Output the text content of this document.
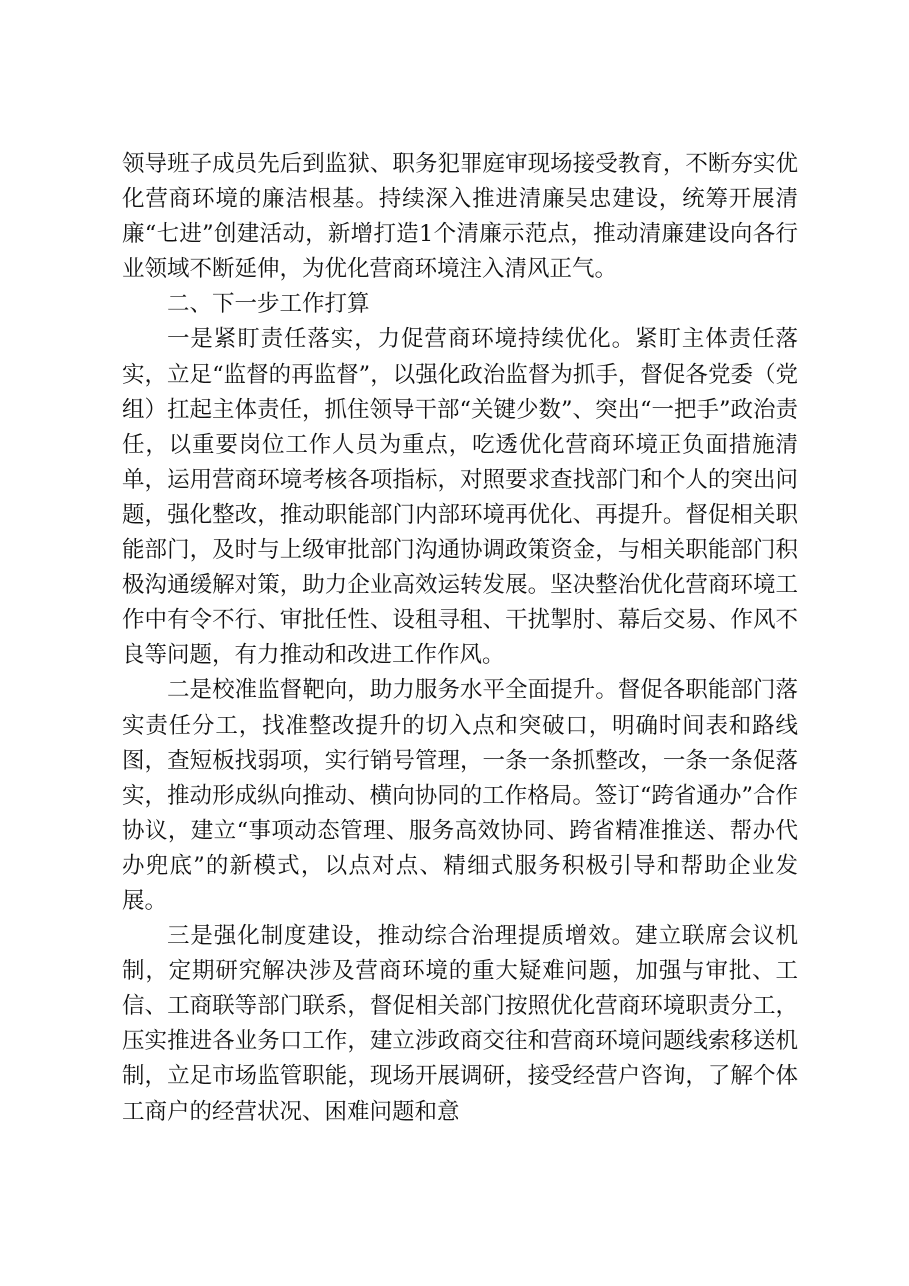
领导班子成员先后到监狱、职务犯罪庭审现场接受教育，不断夯实优化营商环境的廉洁根基。持续深入推进清廉吴忠建设，统筹开展清廉“七进”创建活动，新增打造1个清廉示范点，推动清廉建设向各行业领域不断延伸，为优化营商环境注入清风正气。

二、下一步工作打算

一是紧盯责任落实，力促营商环境持续优化。紧盯主体责任落实，立足“监督的再监督”，以强化政治监督为抓手，督促各党委（党组）扛起主体责任，抓住领导干部“关键少数”、突出“一把手”政治责任，以重要岗位工作人员为重点，吃透优化营商环境正负面措施清单，运用营商环境考核各项指标，对照要求查找部门和个人的突出问题，强化整改，推动职能部门内部环境再优化、再提升。督促相关职能部门，及时与上级审批部门沟通协调政策资金，与相关职能部门积极沟通缓解对策，助力企业高效运转发展。坚决整治优化营商环境工作中有令不行、审批任性、设租寻租、干扰掣肘、幕后交易、作风不良等问题，有力推动和改进工作作风。

二是校准监督靶向，助力服务水平全面提升。督促各职能部门落实责任分工，找准整改提升的切入点和突破口，明确时间表和路线图，查短板找弱项，实行销号管理，一条一条抓整改，一条一条促落实，推动形成纵向推动、横向协同的工作格局。签订“跨省通办”合作协议，建立“事项动态管理、服务高效协同、跨省精准推送、帮办代办兜底”的新模式，以点对点、精细式服务积极引导和帮助企业发展。

三是强化制度建设，推动综合治理提质增效。建立联席会议机制，定期研究解决涉及营商环境的重大疑难问题，加强与审批、工信、工商联等部门联系，督促相关部门按照优化营商环境职责分工，压实推进各业务口工作，建立涉政商交往和营商环境问题线索移送机制，立足市场监管职能，现场开展调研，接受经营户咨询，了解个体工商户的经营状况、困难问题和意
